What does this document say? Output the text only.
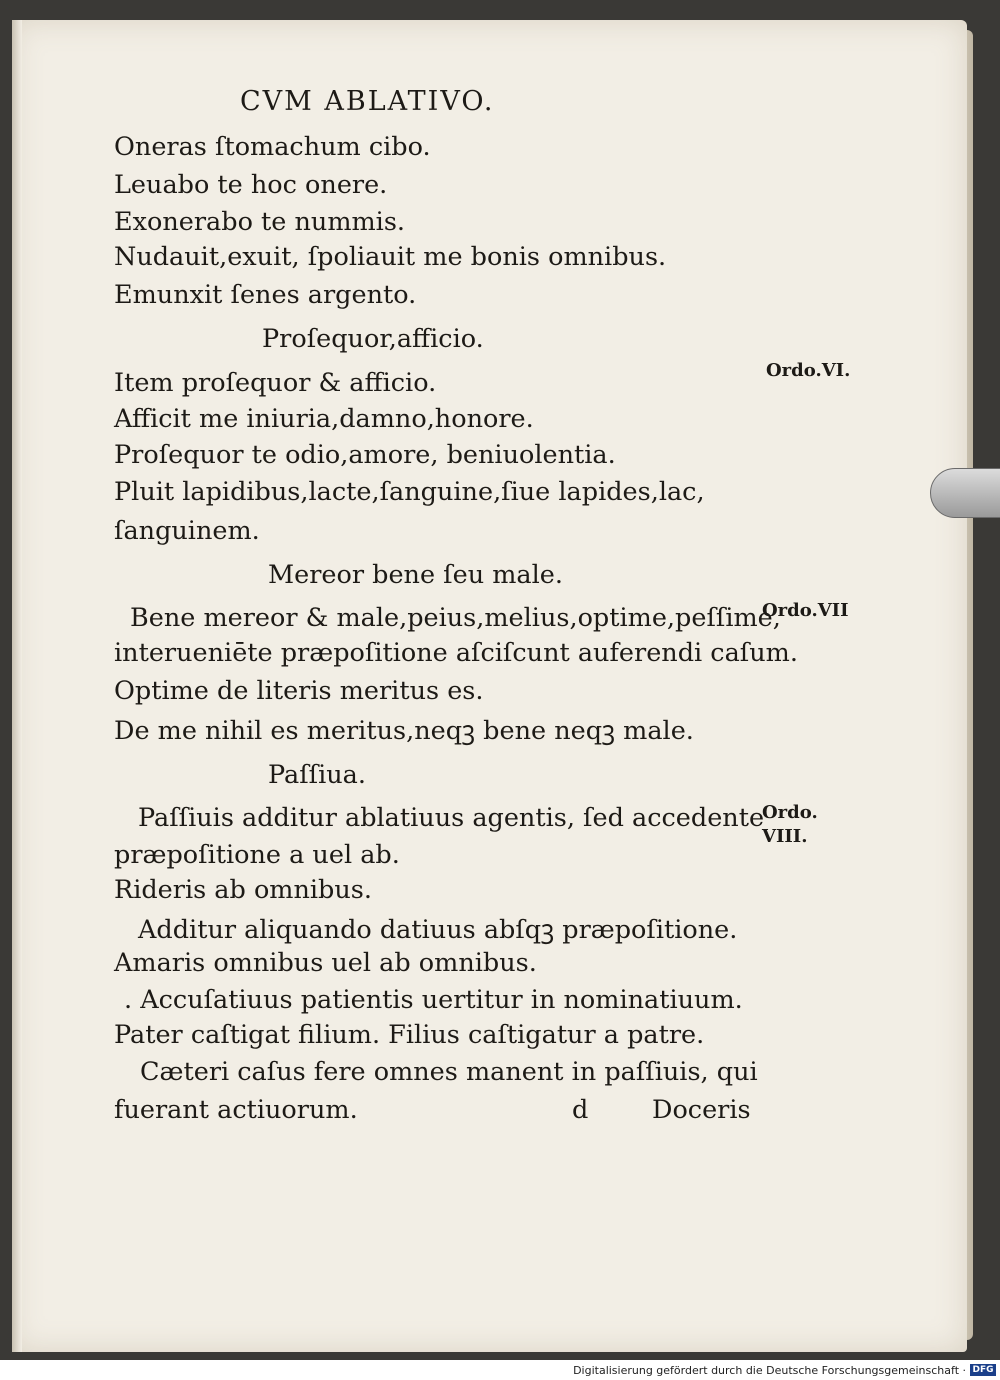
CVM ABLATIVO.
Oneras ſtomachum cibo.
Leuabo te hoc onere.
Exonerabo te nummis.
Nudauit,exuit, ſpoliauit me bonis omnibus.
Emunxit ſenes argento.
Proſequor,afficio.
Item proſequor & afficio.
Afficit me iniuria,damno,honore.
Proſequor te odio,amore, beniuolentia.
Pluit lapidibus,lacte,ſanguine,ſiue lapides,lac,
ſanguinem.
Mereor bene ſeu male.
Bene mereor & male,peius,melius,optime,peſſime,
interueniēte præpoſitione aſciſcunt auferendi caſum.
Optime de literis meritus es.
De me nihil es meritus,neqꝫ bene neqꝫ male.
Paſſiua.
Paſſiuis additur ablatiuus agentis, ſed accedente
præpoſitione a uel ab.
Rideris ab omnibus.
Additur aliquando datiuus abſqꝫ præpoſitione.
Amaris omnibus uel ab omnibus.
. Accuſatiuus patientis uertitur in nominatiuum.
Pater caſtigat filium. Filius caſtigatur a patre.
Cæteri caſus fere omnes manent in paſſiuis, qui
fuerant actiuorum.	d Doceris
Ordo.VI.
Ordo.VII
Ordo.
VIII.
Digitalisierung gefördert durch die Deutsche Forschungsgemeinschaft · DFG
